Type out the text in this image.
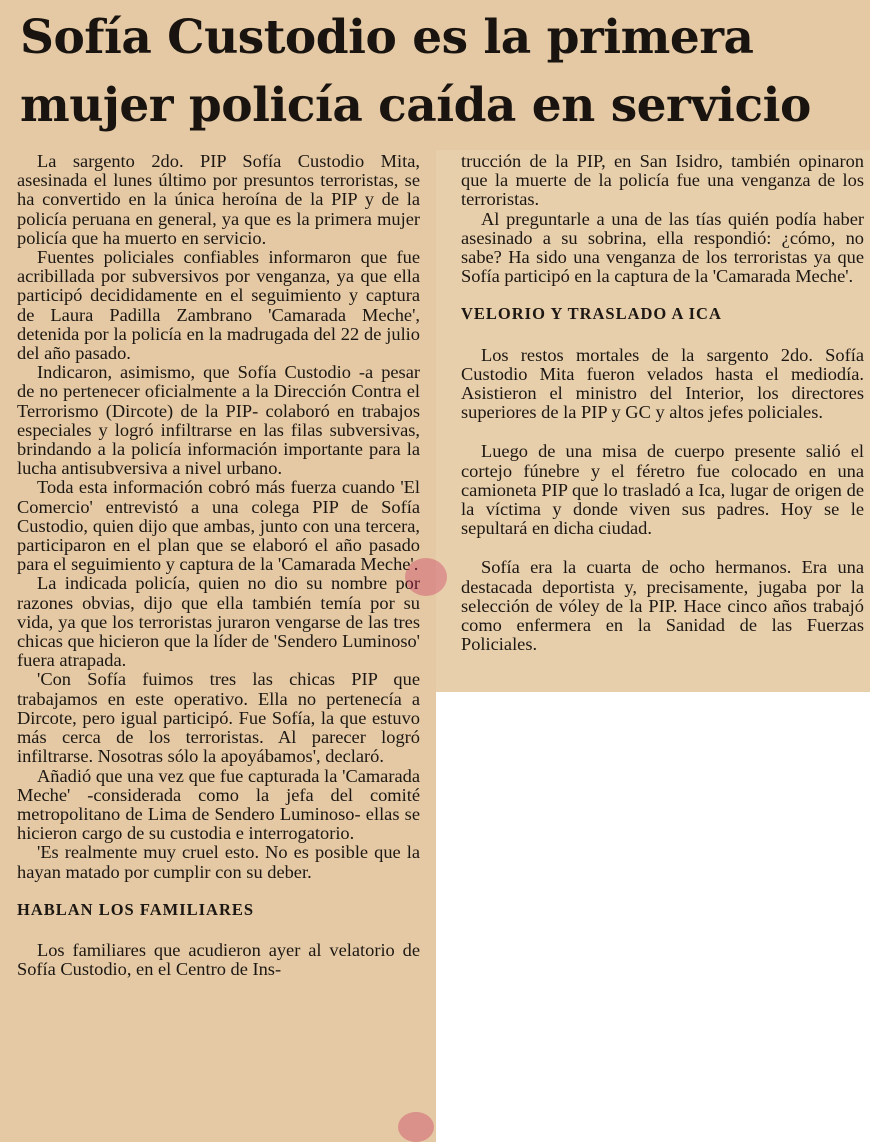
Sofía Custodio es la primera mujer policía caída en servicio

La sargento 2do. PIP Sofía Custodio Mita, asesinada el lunes último por presuntos terroristas, se ha convertido en la única heroína de la PIP y de la policía peruana en general, ya que es la primera mujer policía que ha muerto en servicio.

Fuentes policiales confiables informaron que fue acribillada por subversivos por venganza, ya que ella participó decididamente en el seguimiento y captura de Laura Padilla Zambrano 'Camarada Meche', detenida por la policía en la madrugada del 22 de julio del año pasado.

Indicaron, asimismo, que Sofía Custodio -a pesar de no pertenecer oficialmente a la Dirección Contra el Terrorismo (Dircote) de la PIP- colaboró en trabajos especiales y logró infiltrarse en las filas subversivas, brindando a la policía información importante para la lucha antisubversiva a nivel urbano.

Toda esta información cobró más fuerza cuando 'El Comercio' entrevistó a una colega PIP de Sofía Custodio, quien dijo que ambas, junto con una tercera, participaron en el plan que se elaboró el año pasado para el seguimiento y captura de la 'Camarada Meche'.

La indicada policía, quien no dio su nombre por razones obvias, dijo que ella también temía por su vida, ya que los terroristas juraron vengarse de las tres chicas que hicieron que la líder de 'Sendero Luminoso' fuera atrapada.

'Con Sofía fuimos tres las chicas PIP que trabajamos en este operativo. Ella no pertenecía a Dircote, pero igual participó. Fue Sofía, la que estuvo más cerca de los terroristas. Al parecer logró infiltrarse. Nosotras sólo la apoyábamos', declaró.

Añadió que una vez que fue capturada la 'Camarada Meche' -considerada como la jefa del comité metropolitano de Lima de Sendero Luminoso- ellas se hicieron cargo de su custodia e interrogatorio.

'Es realmente muy cruel esto. No es posible que la hayan matado por cumplir con su deber.

HABLAN LOS FAMILIARES

Los familiares que acudieron ayer al velatorio de Sofía Custodio, en el Centro de Ins-

trucción de la PIP, en San Isidro, también opinaron que la muerte de la policía fue una venganza de los terroristas.

Al preguntarle a una de las tías quién podía haber asesinado a su sobrina, ella respondió: ¿cómo, no sabe? Ha sido una venganza de los terroristas ya que Sofía participó en la captura de la 'Camarada Meche'.

VELORIO Y TRASLADO A ICA

Los restos mortales de la sargento 2do. Sofía Custodio Mita fueron velados hasta el mediodía. Asistieron el ministro del Interior, los directores superiores de la PIP y GC y altos jefes policiales.

Luego de una misa de cuerpo presente salió el cortejo fúnebre y el féretro fue colocado en una camioneta PIP que lo trasladó a Ica, lugar de origen de la víctima y donde viven sus padres. Hoy se le sepultará en dicha ciudad.

Sofía era la cuarta de ocho hermanos. Era una destacada deportista y, precisamente, jugaba por la selección de vóley de la PIP. Hace cinco años trabajó como enfermera en la Sanidad de las Fuerzas Policiales.
